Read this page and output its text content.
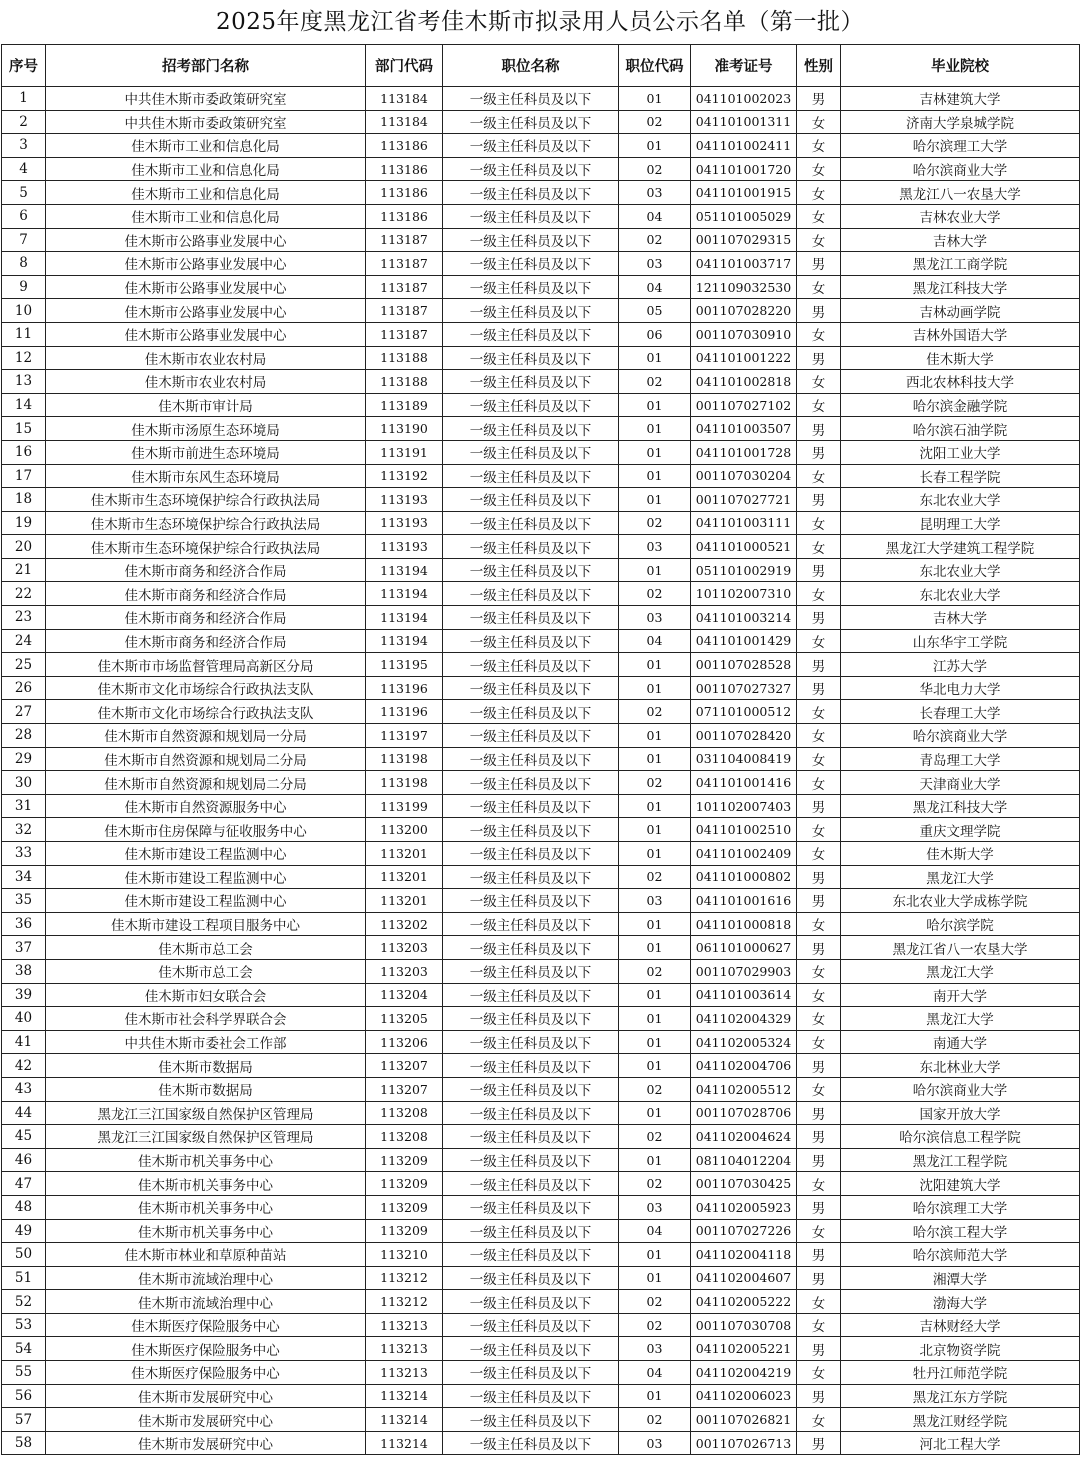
2025年度黑龙江省考佳木斯市拟录用人员公示名单（第一批）
序号	招考部门名称	部门代码	职位名称	职位代码	准考证号	性别	毕业院校
1	中共佳木斯市委政策研究室	113184	一级主任科员及以下	01	041101002023	男	吉林建筑大学
2	中共佳木斯市委政策研究室	113184	一级主任科员及以下	02	041101001311	女	济南大学泉城学院
3	佳木斯市工业和信息化局	113186	一级主任科员及以下	01	041101002411	女	哈尔滨理工大学
4	佳木斯市工业和信息化局	113186	一级主任科员及以下	02	041101001720	女	哈尔滨商业大学
5	佳木斯市工业和信息化局	113186	一级主任科员及以下	03	041101001915	女	黑龙江八一农垦大学
6	佳木斯市工业和信息化局	113186	一级主任科员及以下	04	051101005029	女	吉林农业大学
7	佳木斯市公路事业发展中心	113187	一级主任科员及以下	02	001107029315	女	吉林大学
8	佳木斯市公路事业发展中心	113187	一级主任科员及以下	03	041101003717	男	黑龙江工商学院
9	佳木斯市公路事业发展中心	113187	一级主任科员及以下	04	121109032530	女	黑龙江科技大学
10	佳木斯市公路事业发展中心	113187	一级主任科员及以下	05	001107028220	男	吉林动画学院
11	佳木斯市公路事业发展中心	113187	一级主任科员及以下	06	001107030910	女	吉林外国语大学
12	佳木斯市农业农村局	113188	一级主任科员及以下	01	041101001222	男	佳木斯大学
13	佳木斯市农业农村局	113188	一级主任科员及以下	02	041101002818	女	西北农林科技大学
14	佳木斯市审计局	113189	一级主任科员及以下	01	001107027102	女	哈尔滨金融学院
15	佳木斯市汤原生态环境局	113190	一级主任科员及以下	01	041101003507	男	哈尔滨石油学院
16	佳木斯市前进生态环境局	113191	一级主任科员及以下	01	041101001728	男	沈阳工业大学
17	佳木斯市东风生态环境局	113192	一级主任科员及以下	01	001107030204	女	长春工程学院
18	佳木斯市生态环境保护综合行政执法局	113193	一级主任科员及以下	01	001107027721	男	东北农业大学
19	佳木斯市生态环境保护综合行政执法局	113193	一级主任科员及以下	02	041101003111	女	昆明理工大学
20	佳木斯市生态环境保护综合行政执法局	113193	一级主任科员及以下	03	041101000521	女	黑龙江大学建筑工程学院
21	佳木斯市商务和经济合作局	113194	一级主任科员及以下	01	051101002919	男	东北农业大学
22	佳木斯市商务和经济合作局	113194	一级主任科员及以下	02	101102007310	女	东北农业大学
23	佳木斯市商务和经济合作局	113194	一级主任科员及以下	03	041101003214	男	吉林大学
24	佳木斯市商务和经济合作局	113194	一级主任科员及以下	04	041101001429	女	山东华宇工学院
25	佳木斯市市场监督管理局高新区分局	113195	一级主任科员及以下	01	001107028528	男	江苏大学
26	佳木斯市文化市场综合行政执法支队	113196	一级主任科员及以下	01	001107027327	男	华北电力大学
27	佳木斯市文化市场综合行政执法支队	113196	一级主任科员及以下	02	071101000512	女	长春理工大学
28	佳木斯市自然资源和规划局一分局	113197	一级主任科员及以下	01	001107028420	女	哈尔滨商业大学
29	佳木斯市自然资源和规划局二分局	113198	一级主任科员及以下	01	031104008419	女	青岛理工大学
30	佳木斯市自然资源和规划局二分局	113198	一级主任科员及以下	02	041101001416	女	天津商业大学
31	佳木斯市自然资源服务中心	113199	一级主任科员及以下	01	101102007403	男	黑龙江科技大学
32	佳木斯市住房保障与征收服务中心	113200	一级主任科员及以下	01	041101002510	女	重庆文理学院
33	佳木斯市建设工程监测中心	113201	一级主任科员及以下	01	041101002409	女	佳木斯大学
34	佳木斯市建设工程监测中心	113201	一级主任科员及以下	02	041101000802	男	黑龙江大学
35	佳木斯市建设工程监测中心	113201	一级主任科员及以下	03	041101001616	男	东北农业大学成栋学院
36	佳木斯市建设工程项目服务中心	113202	一级主任科员及以下	01	041101000818	女	哈尔滨学院
37	佳木斯市总工会	113203	一级主任科员及以下	01	061101000627	男	黑龙江省八一农垦大学
38	佳木斯市总工会	113203	一级主任科员及以下	02	001107029903	女	黑龙江大学
39	佳木斯市妇女联合会	113204	一级主任科员及以下	01	041101003614	女	南开大学
40	佳木斯市社会科学界联合会	113205	一级主任科员及以下	01	041102004329	女	黑龙江大学
41	中共佳木斯市委社会工作部	113206	一级主任科员及以下	01	041102005324	女	南通大学
42	佳木斯市数据局	113207	一级主任科员及以下	01	041102004706	男	东北林业大学
43	佳木斯市数据局	113207	一级主任科员及以下	02	041102005512	女	哈尔滨商业大学
44	黑龙江三江国家级自然保护区管理局	113208	一级主任科员及以下	01	001107028706	男	国家开放大学
45	黑龙江三江国家级自然保护区管理局	113208	一级主任科员及以下	02	041102004624	男	哈尔滨信息工程学院
46	佳木斯市机关事务中心	113209	一级主任科员及以下	01	081104012204	男	黑龙江工程学院
47	佳木斯市机关事务中心	113209	一级主任科员及以下	02	001107030425	女	沈阳建筑大学
48	佳木斯市机关事务中心	113209	一级主任科员及以下	03	041102005923	男	哈尔滨理工大学
49	佳木斯市机关事务中心	113209	一级主任科员及以下	04	001107027226	女	哈尔滨工程大学
50	佳木斯市林业和草原种苗站	113210	一级主任科员及以下	01	041102004118	男	哈尔滨师范大学
51	佳木斯市流域治理中心	113212	一级主任科员及以下	01	041102004607	男	湘潭大学
52	佳木斯市流域治理中心	113212	一级主任科员及以下	02	041102005222	女	渤海大学
53	佳木斯医疗保险服务中心	113213	一级主任科员及以下	02	001107030708	女	吉林财经大学
54	佳木斯医疗保险服务中心	113213	一级主任科员及以下	03	041102005221	男	北京物资学院
55	佳木斯医疗保险服务中心	113213	一级主任科员及以下	04	041102004219	女	牡丹江师范学院
56	佳木斯市发展研究中心	113214	一级主任科员及以下	01	041102006023	男	黑龙江东方学院
57	佳木斯市发展研究中心	113214	一级主任科员及以下	02	001107026821	女	黑龙江财经学院
58	佳木斯市发展研究中心	113214	一级主任科员及以下	03	001107026713	男	河北工程大学
